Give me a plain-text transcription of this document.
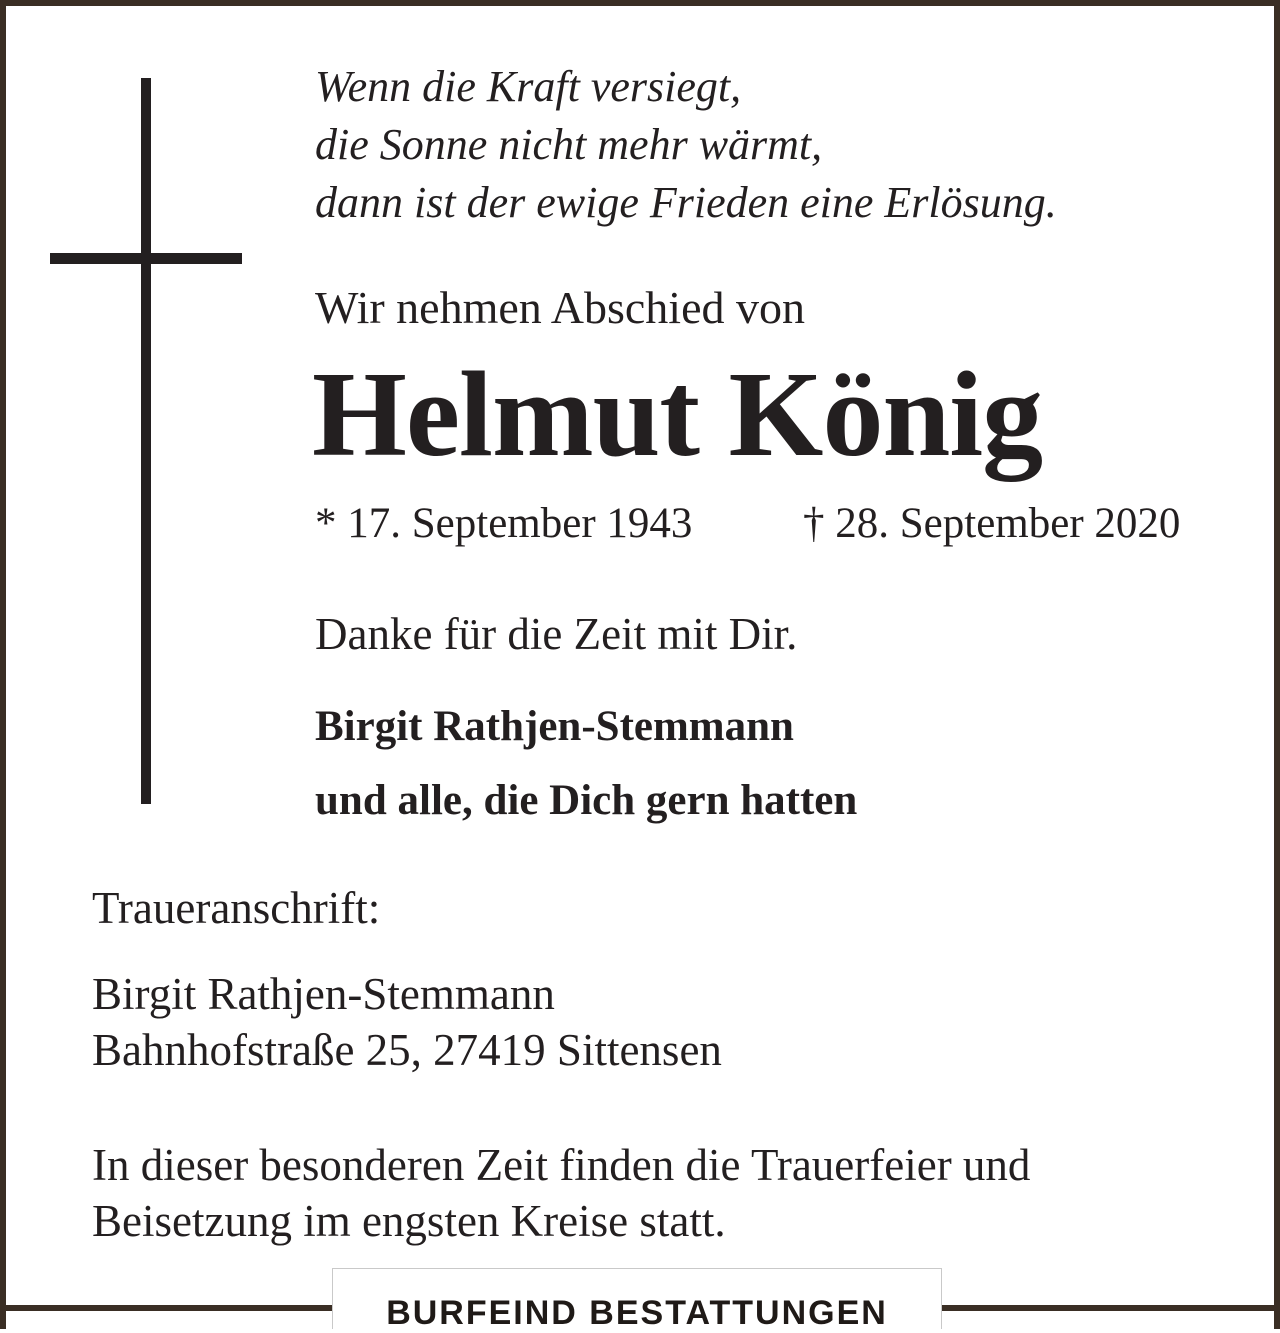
Wenn die Kraft versiegt,
die Sonne nicht mehr wärmt,
dann ist der ewige Frieden eine Erlösung.
Wir nehmen Abschied von
Helmut König
* 17. September 1943	† 28. September 2020
Danke für die Zeit mit Dir.
Birgit Rathjen-Stemmann
und alle, die Dich gern hatten
Traueranschrift:
Birgit Rathjen-Stemmann
Bahnhofstraße 25, 27419 Sittensen
In dieser besonderen Zeit finden die Trauerfeier und
Beisetzung im engsten Kreise statt.
BURFEIND BESTATTUNGEN
